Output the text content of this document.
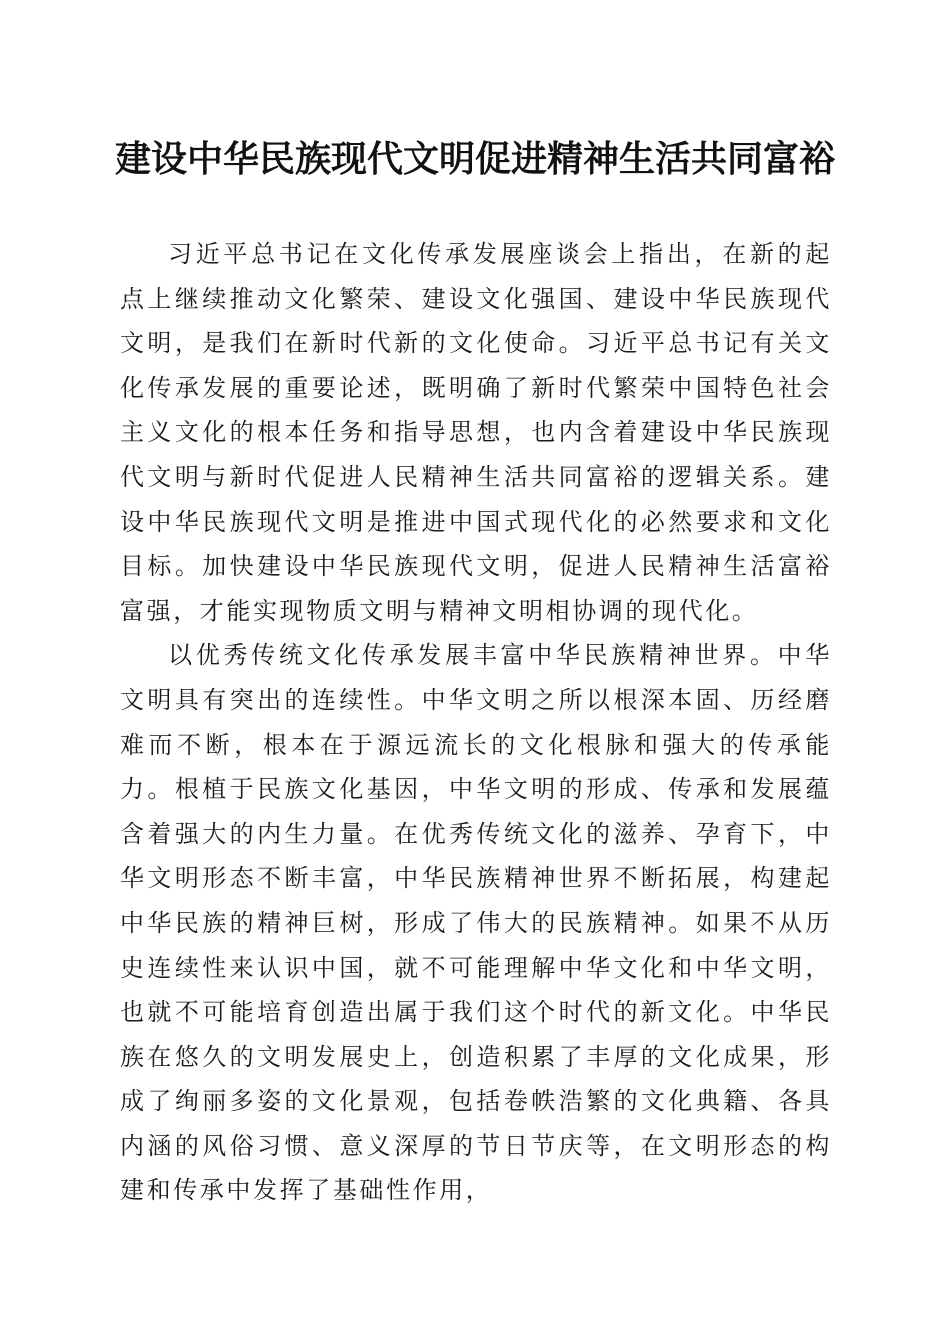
建设中华民族现代文明促进精神生活共同富裕

习近平总书记在文化传承发展座谈会上指出，在新的起点上继续推动文化繁荣、建设文化强国、建设中华民族现代文明，是我们在新时代新的文化使命。习近平总书记有关文化传承发展的重要论述，既明确了新时代繁荣中国特色社会主义文化的根本任务和指导思想，也内含着建设中华民族现代文明与新时代促进人民精神生活共同富裕的逻辑关系。建设中华民族现代文明是推进中国式现代化的必然要求和文化目标。加快建设中华民族现代文明，促进人民精神生活富裕富强，才能实现物质文明与精神文明相协调的现代化。

以优秀传统文化传承发展丰富中华民族精神世界。中华文明具有突出的连续性。中华文明之所以根深本固、历经磨难而不断，根本在于源远流长的文化根脉和强大的传承能力。根植于民族文化基因，中华文明的形成、传承和发展蕴含着强大的内生力量。在优秀传统文化的滋养、孕育下，中华文明形态不断丰富，中华民族精神世界不断拓展，构建起中华民族的精神巨树，形成了伟大的民族精神。如果不从历史连续性来认识中国，就不可能理解中华文化和中华文明，也就不可能培育创造出属于我们这个时代的新文化。中华民族在悠久的文明发展史上，创造积累了丰厚的文化成果，形成了绚丽多姿的文化景观，包括卷帙浩繁的文化典籍、各具内涵的风俗习惯、意义深厚的节日节庆等，在文明形态的构建和传承中发挥了基础性作用，
